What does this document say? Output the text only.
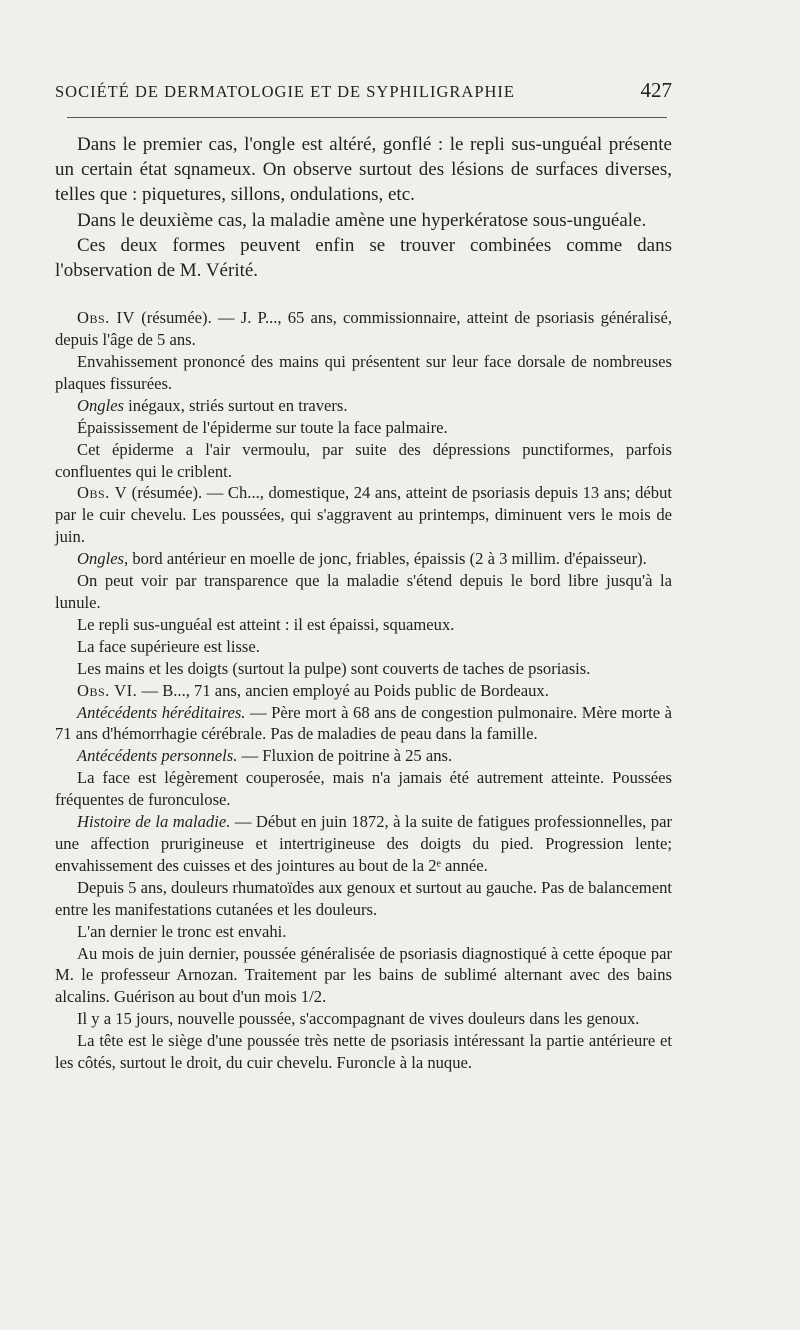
SOCIÉTÉ DE DERMATOLOGIE ET DE SYPHILIGRAPHIE	427

Dans le premier cas, l'ongle est altéré, gonflé : le repli sus-unguéal présente un certain état sqnameux. On observe surtout des lésions de surfaces diverses, telles que : piquetures, sillons, ondulations, etc.

Dans le deuxième cas, la maladie amène une hyperkératose sous-unguéale.

Ces deux formes peuvent enfin se trouver combinées comme dans l'observation de M. Vérité.

Obs. IV (résumée). — J. P..., 65 ans, commissionnaire, atteint de psoriasis généralisé, depuis l'âge de 5 ans.

Envahissement prononcé des mains qui présentent sur leur face dorsale de nombreuses plaques fissurées.

Ongles inégaux, striés surtout en travers.

Épaississement de l'épiderme sur toute la face palmaire.

Cet épiderme a l'air vermoulu, par suite des dépressions punctiformes, parfois confluentes qui le criblent.

Obs. V (résumée). — Ch..., domestique, 24 ans, atteint de psoriasis depuis 13 ans; début par le cuir chevelu. Les poussées, qui s'aggravent au printemps, diminuent vers le mois de juin.

Ongles, bord antérieur en moelle de jonc, friables, épaissis (2 à 3 millim. d'épaisseur).

On peut voir par transparence que la maladie s'étend depuis le bord libre jusqu'à la lunule.

Le repli sus-unguéal est atteint : il est épaissi, squameux.

La face supérieure est lisse.

Les mains et les doigts (surtout la pulpe) sont couverts de taches de psoriasis.

Obs. VI. — B..., 71 ans, ancien employé au Poids public de Bordeaux.

Antécédents héréditaires. — Père mort à 68 ans de congestion pulmonaire. Mère morte à 71 ans d'hémorrhagie cérébrale. Pas de maladies de peau dans la famille.

Antécédents personnels. — Fluxion de poitrine à 25 ans.

La face est légèrement couperosée, mais n'a jamais été autrement atteinte. Poussées fréquentes de furonculose.

Histoire de la maladie. — Début en juin 1872, à la suite de fatigues professionnelles, par une affection prurigineuse et intertrigineuse des doigts du pied. Progression lente; envahissement des cuisses et des jointures au bout de la 2ᵉ année.

Depuis 5 ans, douleurs rhumatoïdes aux genoux et surtout au gauche. Pas de balancement entre les manifestations cutanées et les douleurs.

L'an dernier le tronc est envahi.

Au mois de juin dernier, poussée généralisée de psoriasis diagnostiqué à cette époque par M. le professeur Arnozan. Traitement par les bains de sublimé alternant avec des bains alcalins. Guérison au bout d'un mois 1/2.

Il y a 15 jours, nouvelle poussée, s'accompagnant de vives douleurs dans les genoux.

La tête est le siège d'une poussée très nette de psoriasis intéressant la partie antérieure et les côtés, surtout le droit, du cuir chevelu. Furoncle à la nuque.
